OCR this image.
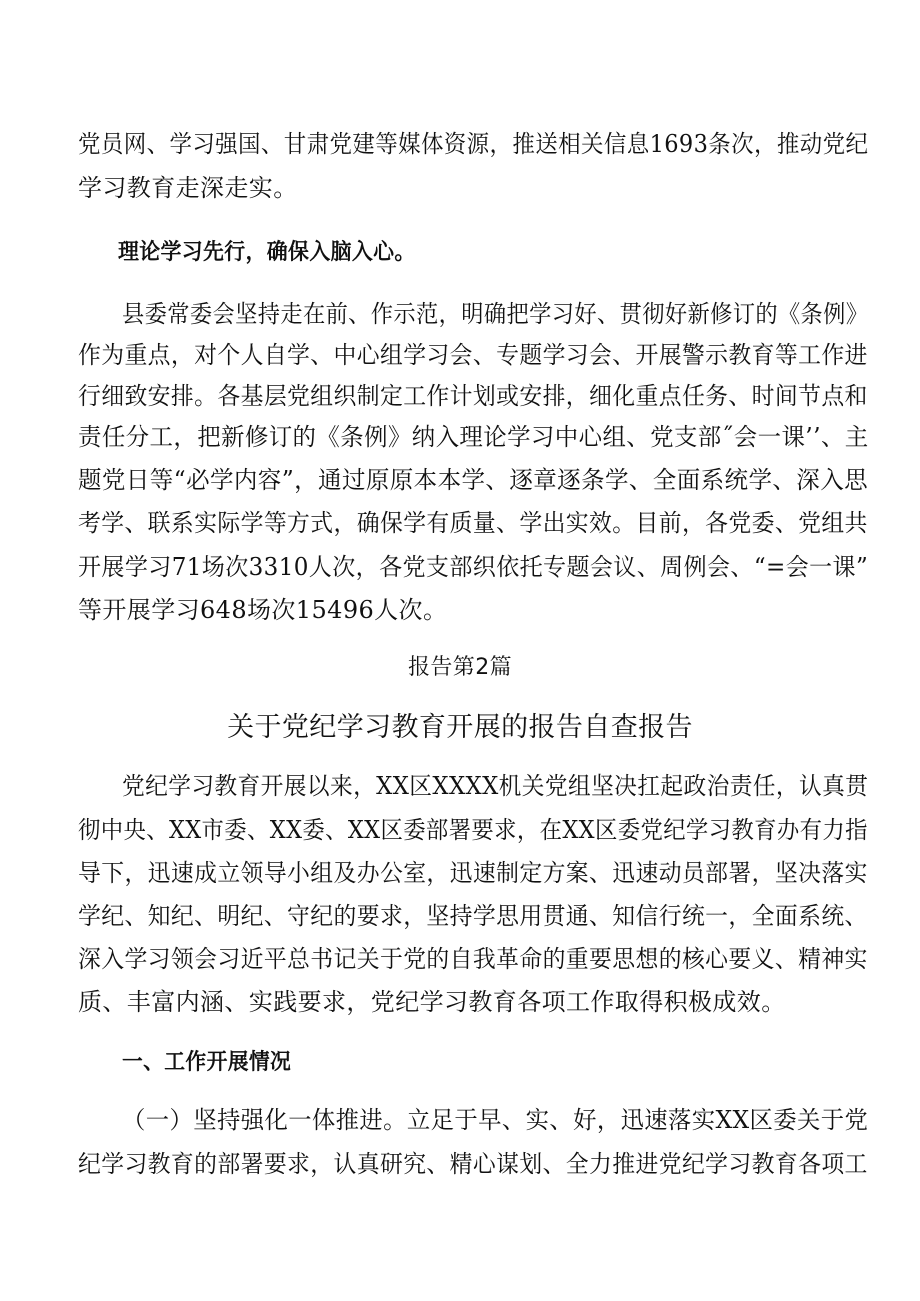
党员网、学习强国、甘肃党建等媒体资源，推送相关信息1693条次，推动党纪
学习教育走深走实。
理论学习先行，确保入脑入心。
县委常委会坚持走在前、作示范，明确把学习好、贯彻好新修订的《条例》
作为重点，对个人自学、中心组学习会、专题学习会、开展警示教育等工作进
行细致安排。各基层党组织制定工作计划或安排，细化重点任务、时间节点和
责任分工，把新修订的《条例》纳入理论学习中心组、党支部˝会一课’’、主
题党日等“必学内容”，通过原原本本学、逐章逐条学、全面系统学、深入思
考学、联系实际学等方式，确保学有质量、学出实效。目前，各党委、党组共
开展学习71场次3310人次，各党支部织依托专题会议、周例会、“=会一课”
等开展学习648场次15496人次。
报告第2篇
关于党纪学习教育开展的报告自查报告
党纪学习教育开展以来，XX区XXXX机关党组坚决扛起政治责任，认真贯
彻中央、XX市委、XX委、XX区委部署要求，在XX区委党纪学习教育办有力指
导下，迅速成立领导小组及办公室，迅速制定方案、迅速动员部署，坚决落实
学纪、知纪、明纪、守纪的要求，坚持学思用贯通、知信行统一，全面系统、
深入学习领会习近平总书记关于党的自我革命的重要思想的核心要义、精神实
质、丰富内涵、实践要求，党纪学习教育各项工作取得积极成效。
一、工作开展情况
（一）坚持强化一体推进。立足于早、实、好，迅速落实XX区委关于党
纪学习教育的部署要求，认真研究、精心谋划、全力推进党纪学习教育各项工
